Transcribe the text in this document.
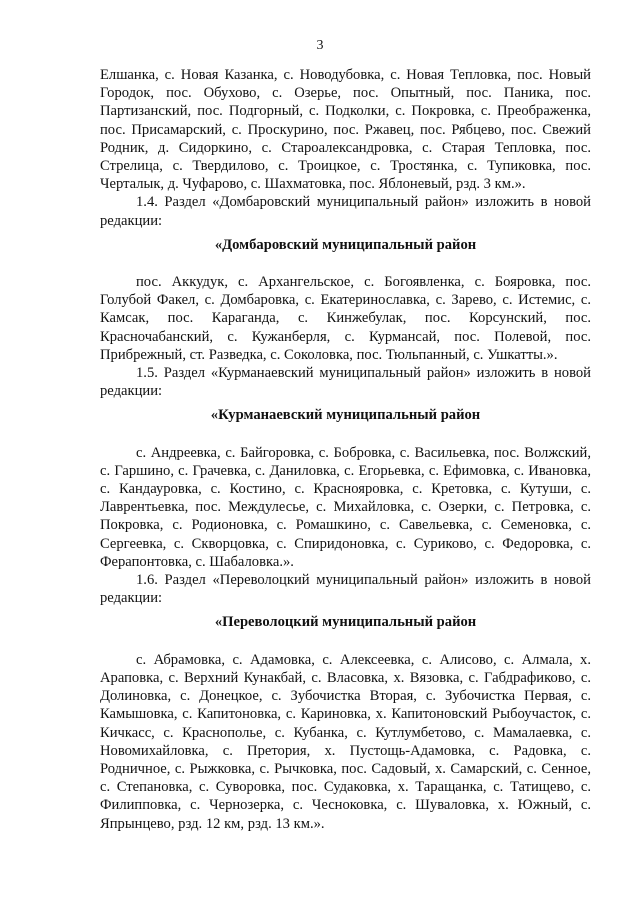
3

Елшанка, с. Новая Казанка, с. Новодубовка, с. Новая Тепловка, пос. Новый Городок, пос. Обухово, с. Озерье, пос. Опытный, пос. Паника, пос. Партизанский, пос. Подгорный, с. Подколки, с. Покровка, с. Преображенка, пос. Присамарский, с. Проскурино, пос. Ржавец, пос. Рябцево, пос. Свежий Родник, д. Сидоркино, с. Староалександровка, с. Старая Тепловка, пос. Стрелица, с. Твердилово, с. Троицкое, с. Тростянка, с. Тупиковка, пос. Черталык, д. Чуфарово, с. Шахматовка, пос. Яблоневый, рзд. 3 км.».

1.4. Раздел «Домбаровский муниципальный район» изложить в новой редакции:

«Домбаровский муниципальный район

пос. Аккудук, с. Архангельское, с. Богоявленка, с. Бояровка, пос. Голубой Факел, с. Домбаровка, с. Екатеринославка, с. Зарево, с. Истемис, с. Камсак, пос. Караганда, с. Кинжебулак, пос. Корсунский, пос. Красночабанский, с. Кужанберля, с. Курмансай, пос. Полевой, пос. Прибрежный, ст. Разведка, с. Соколовка, пос. Тюльпанный, с. Ушкатты.».

1.5. Раздел «Курманаевский муниципальный район» изложить в новой редакции:

«Курманаевский муниципальный район

с. Андреевка, с. Байгоровка, с. Бобровка, с. Васильевка, пос. Волжский, с. Гаршино, с. Грачевка, с. Даниловка, с. Егорьевка, с. Ефимовка, с. Ивановка, с. Кандауровка, с. Костино, с. Краснояровка, с. Кретовка, с. Кутуши, с. Лаврентьевка, пос. Междулесье, с. Михайловка, с. Озерки, с. Петровка, с. Покровка, с. Родионовка, с. Ромашкино, с. Савельевка, с. Семеновка, с. Сергеевка, с. Скворцовка, с. Спиридоновка, с. Суриково, с. Федоровка, с. Ферапонтовка, с. Шабаловка.».

1.6. Раздел «Переволоцкий муниципальный район» изложить в новой редакции:

«Переволоцкий муниципальный район

с. Абрамовка, с. Адамовка, с. Алексеевка, с. Алисово, с. Алмала, х. Араповка, с. Верхний Кунакбай, с. Власовка, х. Вязовка, с. Габдрафиково, с. Долиновка, с. Донецкое, с. Зубочистка Вторая, с. Зубочистка Первая, с. Камышовка, с. Капитоновка, с. Кариновка, х. Капитоновский Рыбоучасток, с. Кичкасс, с. Краснополье, с. Кубанка, с. Кутлумбетово, с. Мамалаевка, с. Новомихайловка, с. Претория, х. Пустощь-Адамовка, с. Радовка, с. Родничное, с. Рыжковка, с. Рычковка, пос. Садовый, х. Самарский, с. Сенное, с. Степановка, с. Суворовка, пос. Судаковка, х. Таращанка, с. Татищево, с. Филипповка, с. Чернозерка, с. Чесноковка, с. Шуваловка, х. Южный, с. Япрынцево, рзд. 12 км, рзд. 13 км.».
